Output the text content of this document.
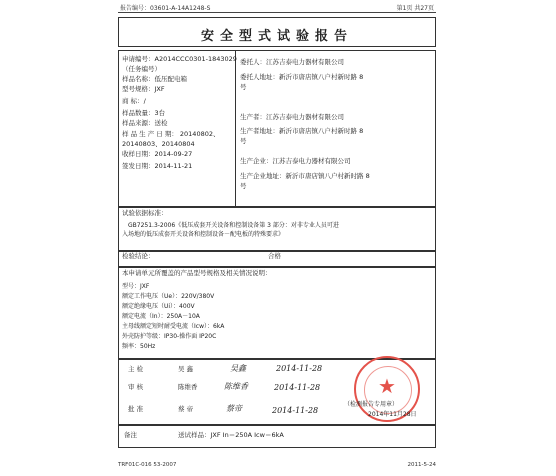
报告编号：03601-A-14A1248-S	第1页 共27页
安全型式试验报告
申请编号：A2014CCC0301-1843029
（任务编号）
样品名称：低压配电箱
型号规格：JXF
商 标：/
样品数量：3台
样品来源：送检
样 品 生 产 日 期： 20140802、
20140803、20140804
收样日期：2014-09-27
签发日期：2014-11-21
委托人：江苏吉泰电力器材有限公司
委托人地址：新沂市唐店镇八户村新时路 8
号
生产者：江苏吉泰电力器材有限公司
生产者地址：新沂市唐店镇八户村新时路 8
号
生产企业：江苏吉泰电力器材有限公司
生产企业地址：新沂市唐店镇八户村新时路 8
号
试验依据标准：
GB7251.3-2006《低压成套开关设备和控制设备第 3 部分：对非专业人员可进
入场地的低压成套开关设备和控制设备－配电板的特殊要求》
检验结论：	合格
本申请单元所覆盖的产品型号规格及相关情况说明：
型号：JXF
额定工作电压（Ue）：220V/380V
额定绝缘电压（Ui）：400V
额定电流（In）：250A－10A
主母线额定短时耐受电流（Icw）：6kA
外壳防护等级：IP30-操作面 IP20C
频率：50Hz
主 检	吴 鑫	吴鑫	2014-11-28
审 核	陈维香	陈维香	2014-11-28
批 准	蔡 帝	蔡帝	2014-11-28
★
（检测报告专用章）
2014年11月28日
备注	送试样品：JXF In＝250A Icw＝6kA
TRF01C-016 53-2007	2011-5-24
